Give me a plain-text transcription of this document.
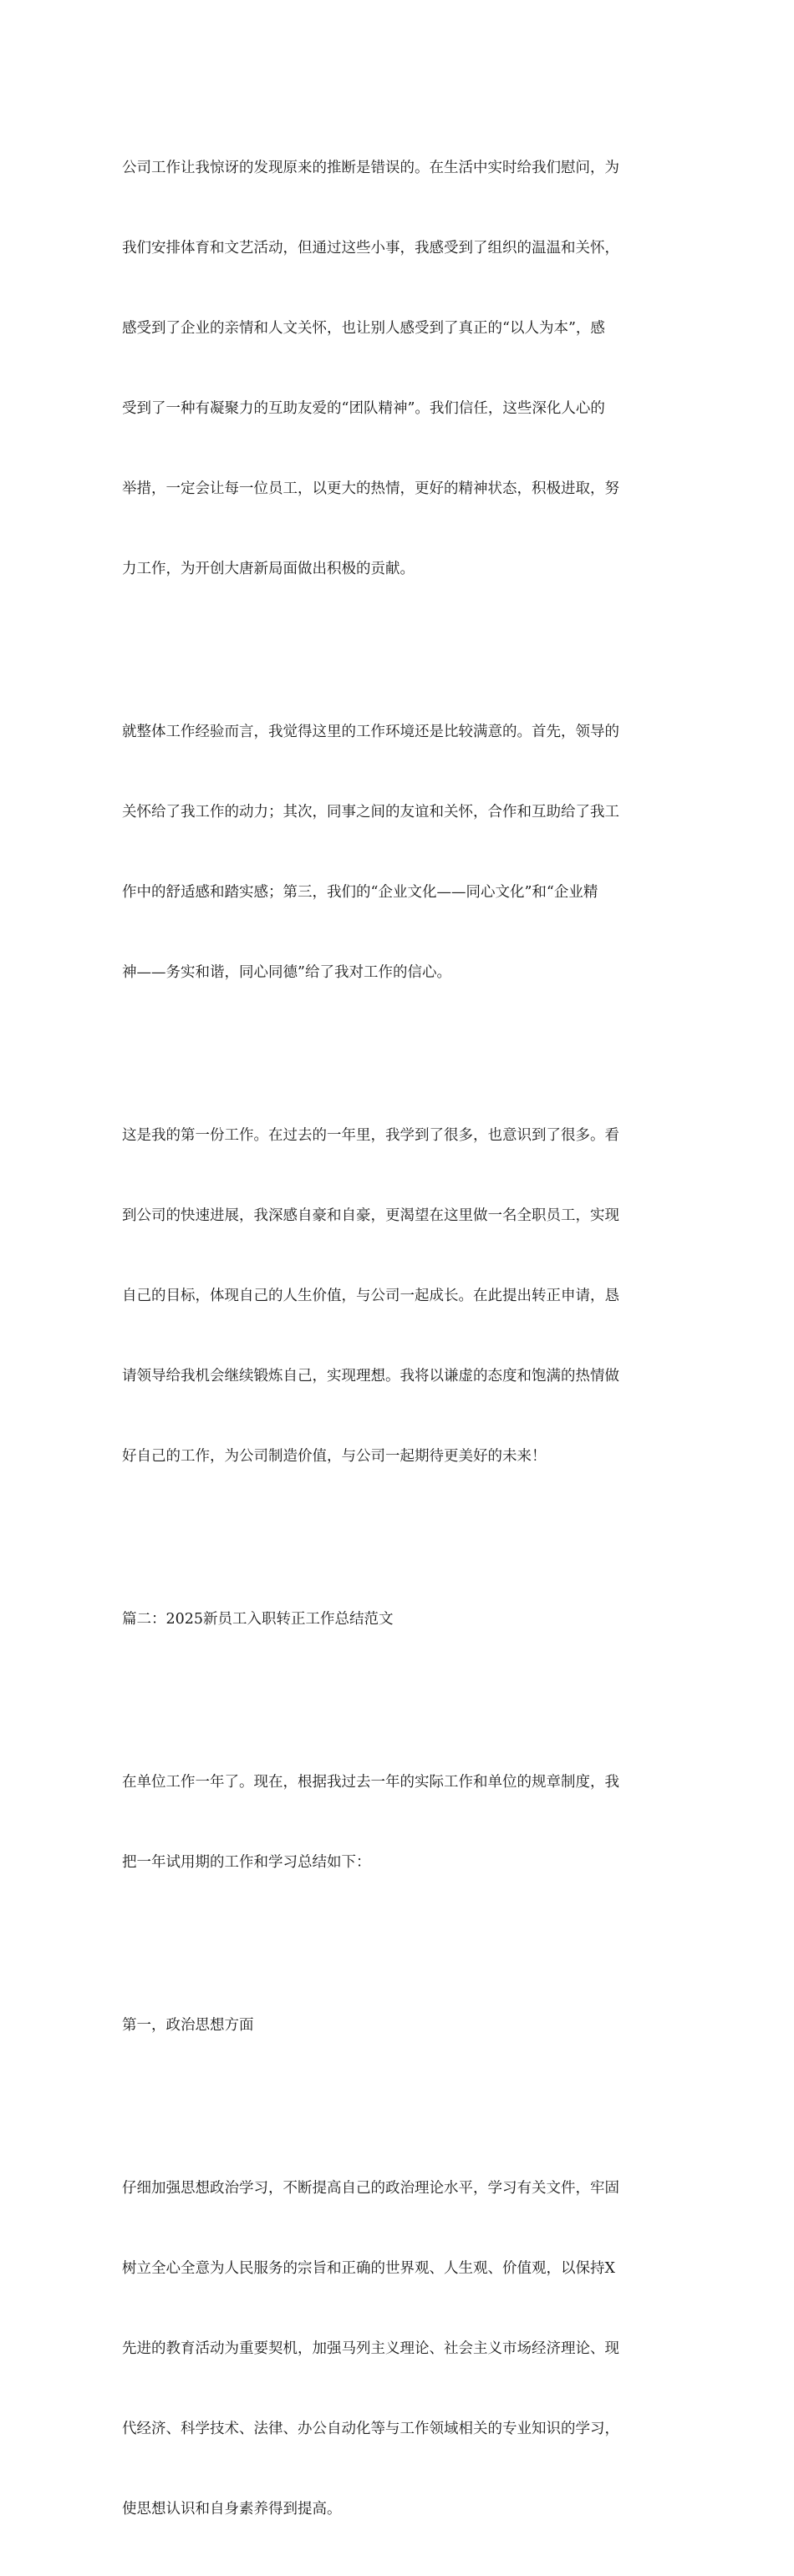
公司工作让我惊讶的发现原来的推断是错误的。在生活中实时给我们慰问，为

我们安排体育和文艺活动，但通过这些小事，我感受到了组织的温温和关怀，

感受到了企业的亲情和人文关怀，也让别人感受到了真正的“以人为本”，感

受到了一种有凝聚力的互助友爱的“团队精神”。我们信任，这些深化人心的

举措，一定会让每一位员工，以更大的热情，更好的精神状态，积极进取，努

力工作，为开创大唐新局面做出积极的贡献。

就整体工作经验而言，我觉得这里的工作环境还是比较满意的。首先，领导的

关怀给了我工作的动力；其次，同事之间的友谊和关怀，合作和互助给了我工

作中的舒适感和踏实感；第三，我们的“企业文化——同心文化”和“企业精

神——务实和谐，同心同德”给了我对工作的信心。

这是我的第一份工作。在过去的一年里，我学到了很多，也意识到了很多。看

到公司的快速进展，我深感自豪和自豪，更渴望在这里做一名全职员工，实现

自己的目标，体现自己的人生价值，与公司一起成长。在此提出转正申请，恳

请领导给我机会继续锻炼自己，实现理想。我将以谦虚的态度和饱满的热情做

好自己的工作，为公司制造价值，与公司一起期待更美好的未来！

篇二：2025新员工入职转正工作总结范文

在单位工作一年了。现在，根据我过去一年的实际工作和单位的规章制度，我

把一年试用期的工作和学习总结如下：

第一，政治思想方面

仔细加强思想政治学习，不断提高自己的政治理论水平，学习有关文件，牢固

树立全心全意为人民服务的宗旨和正确的世界观、人生观、价值观，以保持X

先进的教育活动为重要契机，加强马列主义理论、社会主义市场经济理论、现

代经济、科学技术、法律、办公自动化等与工作领域相关的专业知识的学习，

使思想认识和自身素养得到提高。
